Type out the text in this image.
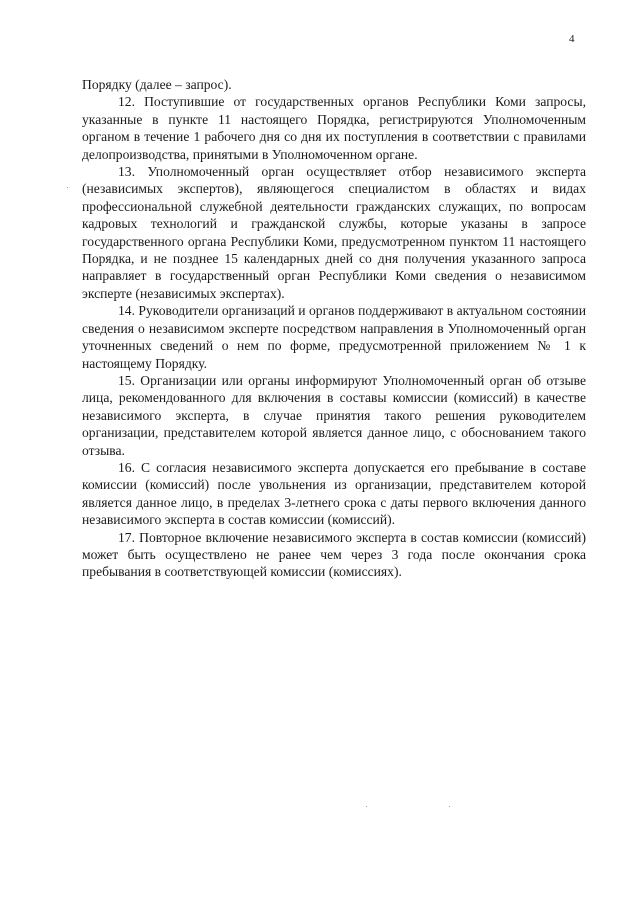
4

Порядку (далее – запрос).

12. Поступившие от государственных органов Республики Коми запросы, указанные в пункте 11 настоящего Порядка, регистрируются Уполномоченным органом в течение 1 рабочего дня со дня их поступления в соответствии с правилами делопроизводства, принятыми в Уполномоченном органе.

13. Уполномоченный орган осуществляет отбор независимого эксперта (независимых экспертов), являющегося специалистом в областях и видах профессиональной служебной деятельности гражданских служащих, по вопросам кадровых технологий и гражданской службы, которые указаны в запросе государственного органа Республики Коми, предусмотренном пунктом 11 настоящего Порядка, и не позднее 15 календарных дней со дня получения указанного запроса направляет в государственный орган Республики Коми сведения о независимом эксперте (независимых экспертах).

14. Руководители организаций и органов поддерживают в актуальном состоянии сведения о независимом эксперте посредством направления в Уполномоченный орган уточненных сведений о нем по форме, предусмотренной приложением № 1 к настоящему Порядку.

15. Организации или органы информируют Уполномоченный орган об отзыве лица, рекомендованного для включения в составы комиссии (комиссий) в качестве независимого эксперта, в случае принятия такого решения руководителем организации, представителем которой является данное лицо, с обоснованием такого отзыва.

16. С согласия независимого эксперта допускается его пребывание в составе комиссии (комиссий) после увольнения из организации, представителем которой является данное лицо, в пределах 3-летнего срока с даты первого включения данного независимого эксперта в состав комиссии (комиссий).

17. Повторное включение независимого эксперта в состав комиссии (комиссий) может быть осуществлено не ранее чем через 3 года после окончания срока пребывания в соответствующей комиссии (комиссиях).
